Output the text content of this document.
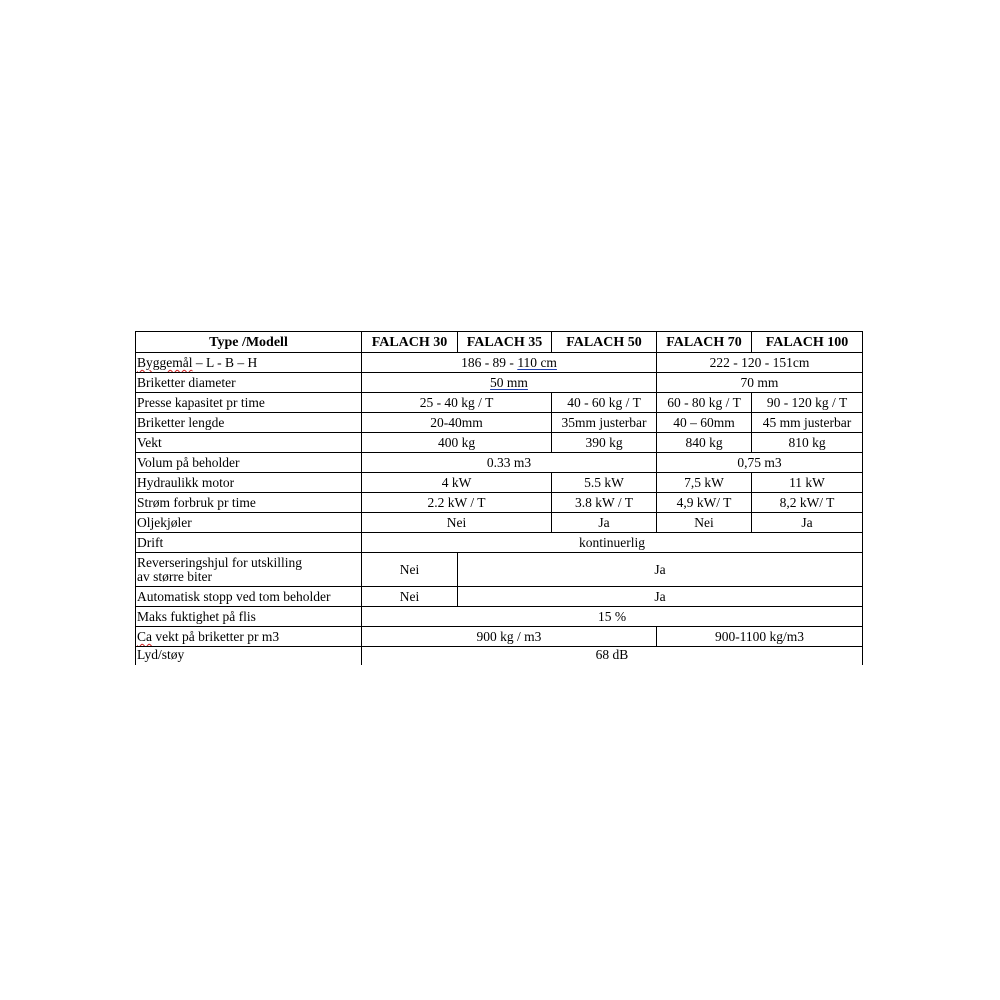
Type /Modell	FALACH 30	FALACH 35	FALACH 50	FALACH 70	FALACH 100
Byggemål – L - B – H	186 - 89 - 110 cm			222 - 120 - 151cm	
Briketter diameter	50 mm			70 mm	
Presse kapasitet pr time	25 - 40 kg / T		40 - 60 kg / T	60 - 80 kg / T	90 - 120 kg / T
Briketter lengde	20-40mm		35mm justerbar	40 – 60mm	45 mm justerbar
Vekt	400 kg		390 kg	840 kg	810 kg
Volum på beholder	0.33 m3			0,75 m3	
Hydraulikk motor	4 kW		5.5 kW	7,5 kW	11 kW
Strøm forbruk pr time	2.2 kW / T		3.8 kW / T	4,9 kW/ T	8,2 kW/ T
Oljekjøler	Nei		Ja	Nei	Ja
Drift	kontinuerlig				
Reverseringshjul for utskilling
av større biter	Nei	Ja			
Automatisk stopp ved tom beholder	Nei	Ja			
Maks fuktighet på flis	15 %				
Ca vekt på briketter pr m3	900 kg / m3			900-1100 kg/m3	
Lyd/støy	68 dB				
